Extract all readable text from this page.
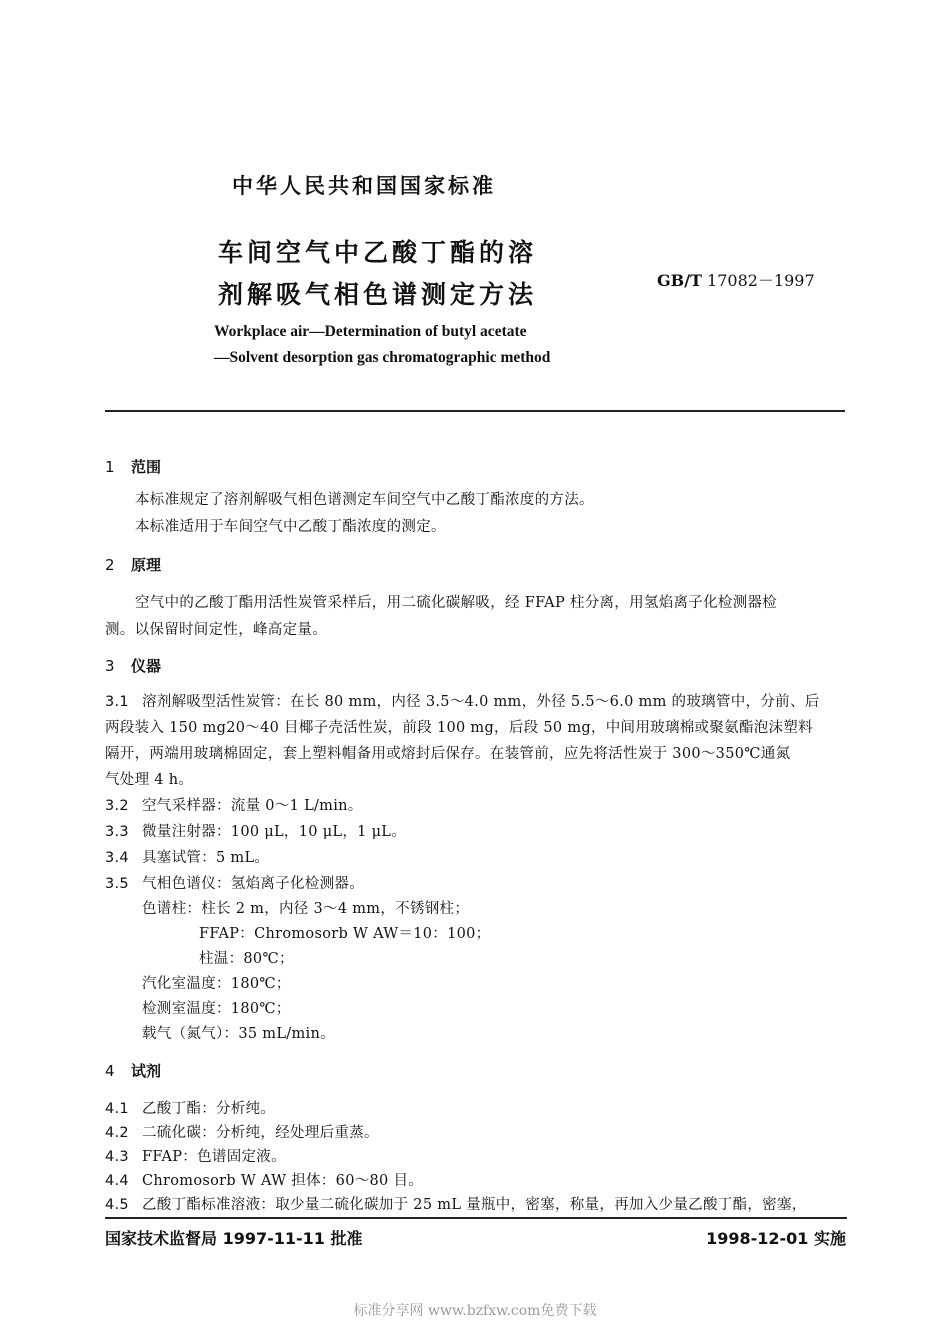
中华人民共和国国家标准
车间空气中乙酸丁酯的溶
剂解吸气相色谱测定方法	GB/T 17082－1997
Workplace air—Determination of butyl acetate
—Solvent desorption gas chromatographic method
1 范围
本标准规定了溶剂解吸气相色谱测定车间空气中乙酸丁酯浓度的方法。
本标准适用于车间空气中乙酸丁酯浓度的测定。
2 原理
空气中的乙酸丁酯用活性炭管采样后，用二硫化碳解吸，经 FFAP 柱分离，用氢焰离子化检测器检
测。以保留时间定性，峰高定量。
3 仪器
3.1 溶剂解吸型活性炭管：在长 80 mm，内径 3.5～4.0 mm，外径 5.5～6.0 mm 的玻璃管中，分前、后
两段装入 150 mg20～40 目椰子壳活性炭，前段 100 mg，后段 50 mg，中间用玻璃棉或聚氨酯泡沫塑料
隔开，两端用玻璃棉固定，套上塑料帽备用或熔封后保存。在装管前，应先将活性炭于 300～350℃通氮
气处理 4 h。
3.2 空气采样器：流量 0～1 L/min。
3.3 微量注射器：100 μL，10 μL，1 μL。
3.4 具塞试管：5 mL。
3.5 气相色谱仪：氢焰离子化检测器。
色谱柱：柱长 2 m，内径 3～4 mm，不锈钢柱；
FFAP：Chromosorb W AW＝10：100；
柱温：80℃；
汽化室温度：180℃；
检测室温度：180℃；
载气（氮气）：35 mL/min。
4 试剂
4.1 乙酸丁酯：分析纯。
4.2 二硫化碳：分析纯，经处理后重蒸。
4.3 FFAP：色谱固定液。
4.4 Chromosorb W AW 担体：60～80 目。
4.5 乙酸丁酯标准溶液：取少量二硫化碳加于 25 mL 量瓶中，密塞，称量，再加入少量乙酸丁酯，密塞，
国家技术监督局 1997-11-11 批准	1998-12-01 实施
标准分享网 www.bzfxw.com免费下载
